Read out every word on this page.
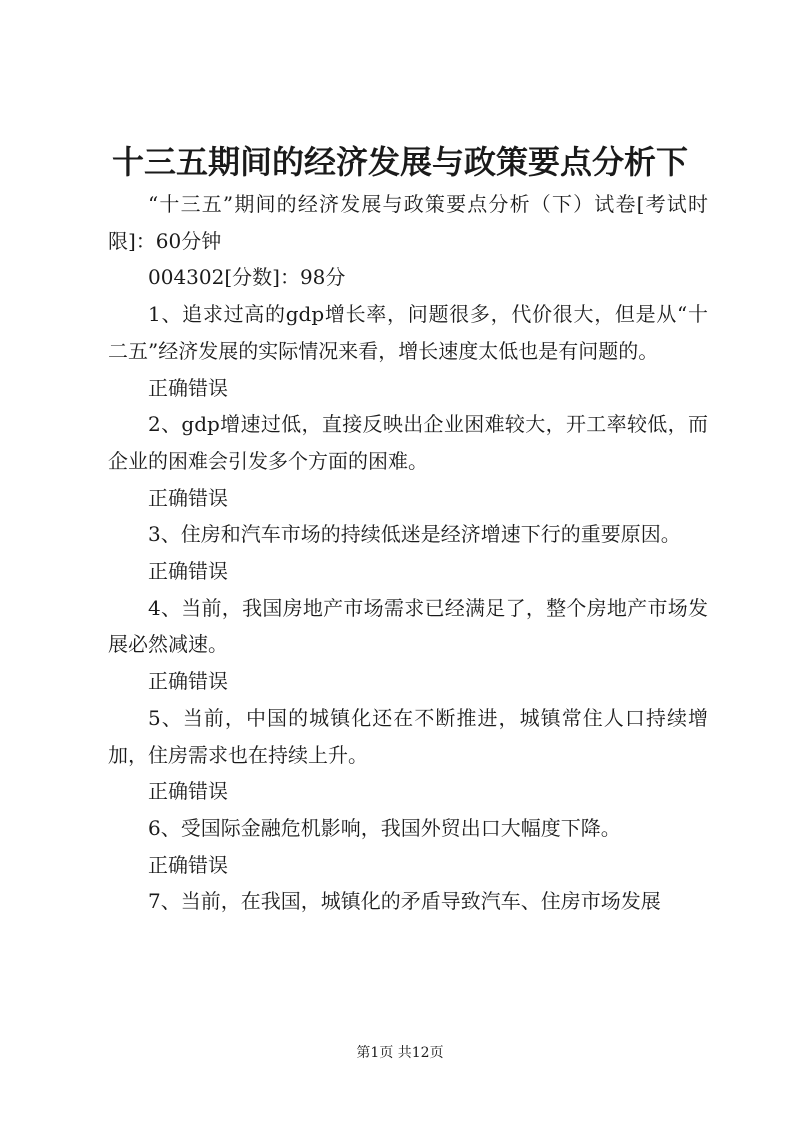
十三五期间的经济发展与政策要点分析下

“十三五”期间的经济发展与政策要点分析（下）试卷[考试时限]：60分钟

004302[分数]：98分

1、追求过高的gdp增长率，问题很多，代价很大，但是从“十二五”经济发展的实际情况来看，增长速度太低也是有问题的。

正确错误

2、gdp增速过低，直接反映出企业困难较大，开工率较低，而企业的困难会引发多个方面的困难。

正确错误

3、住房和汽车市场的持续低迷是经济增速下行的重要原因。

正确错误

4、当前，我国房地产市场需求已经满足了，整个房地产市场发展必然减速。

正确错误

5、当前，中国的城镇化还在不断推进，城镇常住人口持续增加，住房需求也在持续上升。

正确错误

6、受国际金融危机影响，我国外贸出口大幅度下降。

正确错误

7、当前，在我国，城镇化的矛盾导致汽车、住房市场发展

第1页 共12页
